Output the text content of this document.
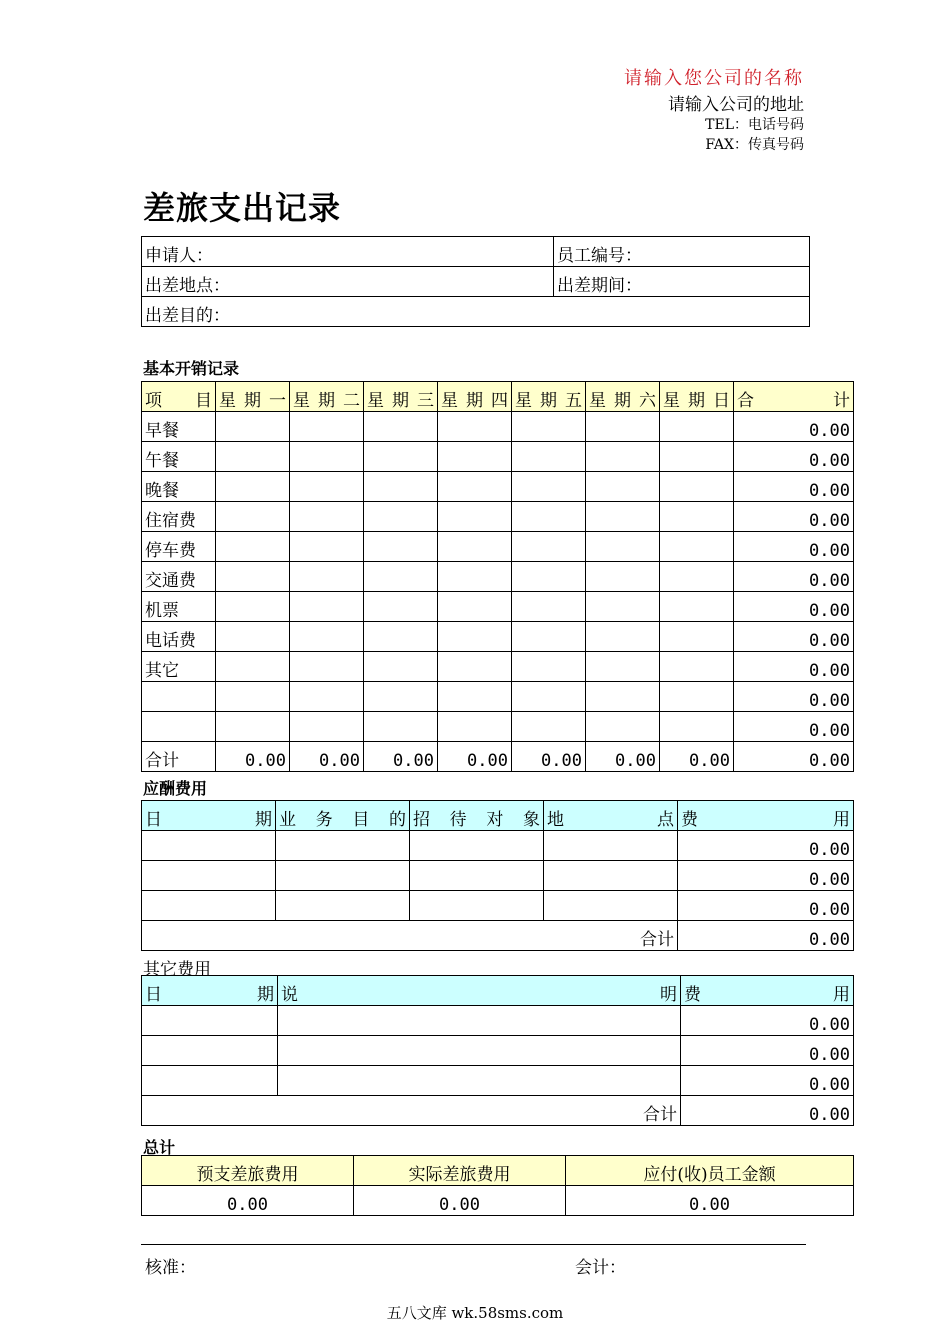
请输入您公司的名称
请输入公司的地址
TEL：电话号码
FAX：传真号码
差旅支出记录
申请人：	员工编号：
出差地点：	出差期间：
出差目的：	
基本开销记录
项 目	星 期 一	星 期 二	星 期 三	星 期 四	星 期 五	星 期 六	星 期 日	合 计

早餐								0.00
午餐								0.00
晚餐								0.00
住宿费								0.00
停车费								0.00
交通费								0.00
机票								0.00
电话费								0.00
其它								0.00
								0.00
								0.00
合计	0.00	0.00	0.00	0.00	0.00	0.00	0.00	0.00
应酬费用
日 期	业 务 目 的	招 待 对 象	地 点	费 用

				0.00
				0.00
				0.00
合计				0.00
其它费用
日 期	说 明	费 用

		0.00
		0.00
		0.00
合计		0.00
总计
预支差旅费用	实际差旅费用	应付(收)员工金额
0.00	0.00	0.00
核准：	会计：
五八文库 wk.58sms.com
